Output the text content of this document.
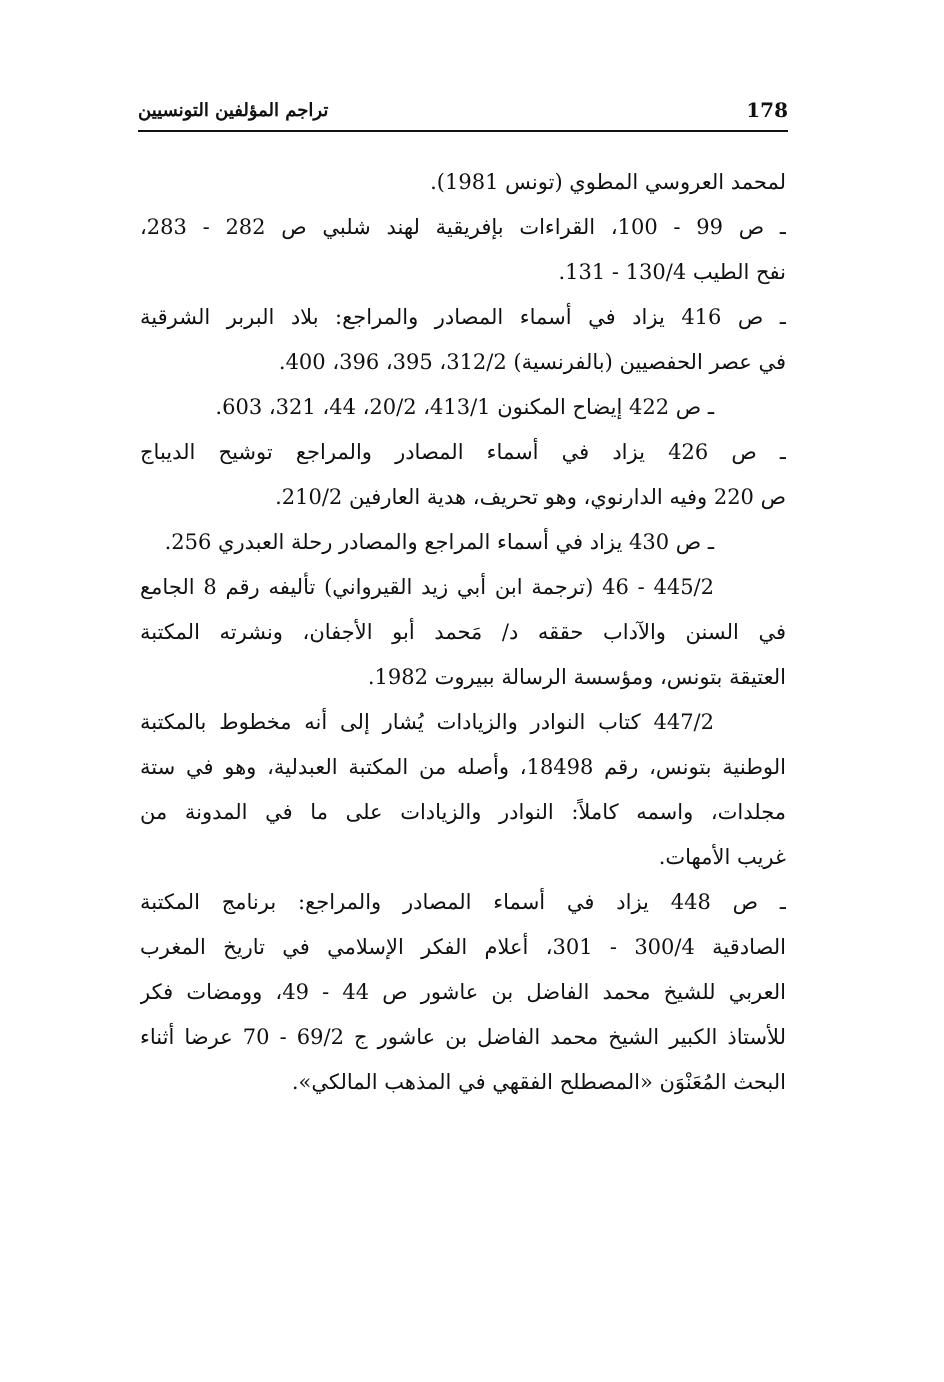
178
تراجم المؤلفين التونسيين
لمحمد العروسي المطوي (تونس 1981).
ـ ص 99 - 100، القراءات بإفريقية لهند شلبي ص 282 - 283،
نفح الطيب 130/4 - 131.
ـ ص 416 يزاد في أسماء المصادر والمراجع: بلاد البربر الشرقية
في عصر الحفصيين (بالفرنسية) 312/2، 395، 396، 400.
ـ ص 422 إيضاح المكنون 413/1، 20/2، 44، 321، 603.
ـ ص 426 يزاد في أسماء المصادر والمراجع توشيح الديباج
ص 220 وفيه الدارنوي، وهو تحريف، هدية العارفين 210/2.
ـ ص 430 يزاد في أسماء المراجع والمصادر رحلة العبدري 256.
445/2 - 46 (ترجمة ابن أبي زيد القيرواني) تأليفه رقم 8 الجامع
في السنن والآداب حققه د/ مَحمد أبو الأجفان، ونشرته المكتبة
العتيقة بتونس، ومؤسسة الرسالة ببيروت 1982.
447/2 كتاب النوادر والزيادات يُشار إلى أنه مخطوط بالمكتبة
الوطنية بتونس، رقم 18498، وأصله من المكتبة العبدلية، وهو في ستة
مجلدات، واسمه كاملاً: النوادر والزيادات على ما في المدونة من
غريب الأمهات.
ـ ص 448 يزاد في أسماء المصادر والمراجع: برنامج المكتبة
الصادقية 300/4 - 301، أعلام الفكر الإسلامي في تاريخ المغرب
العربي للشيخ محمد الفاضل بن عاشور ص 44 - 49، وومضات فكر
للأستاذ الكبير الشيخ محمد الفاضل بن عاشور ج 69/2 - 70 عرضا أثناء
البحث المُعَنْوَن «المصطلح الفقهي في المذهب المالكي».
